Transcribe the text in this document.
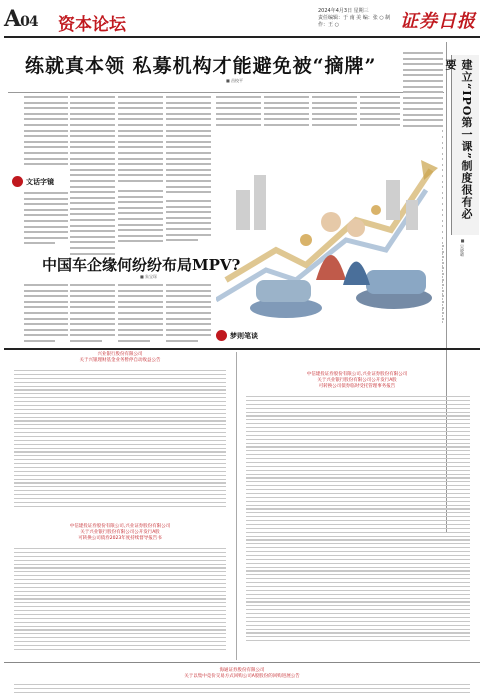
A04 资本论坛
2024年4月3日 星期三
责任编辑：于 南 美 编：张 ○ 制 作：王 ○	证券日报
练就真本领 私募机构才能避免被“摘牌”
■ 昌校平
文话字镜	建立“IPO第一课”制度很有必要
■ 吴晓璐
梦则笔谈
中国车企缘何纷纷布局MPV?
■ 朱宝琛
兴业银行股份有限公司
关于兴银理财基金业务暂停自动收益公告
中信建投证券股份有限公司,兴业证券股份有限公司
关于兴业银行股份有限公司公开发行A股
可转换公司债券2023年度持续督导报告书
中信建投证券股份有限公司,兴业证券股份有限公司
关于兴业银行股份有限公司公开发行A股
可转换公司债券临时受托管理事务报告
海通证券股份有限公司
关于以集中竞价交易方式回购公司A股股份的回购进展公告
